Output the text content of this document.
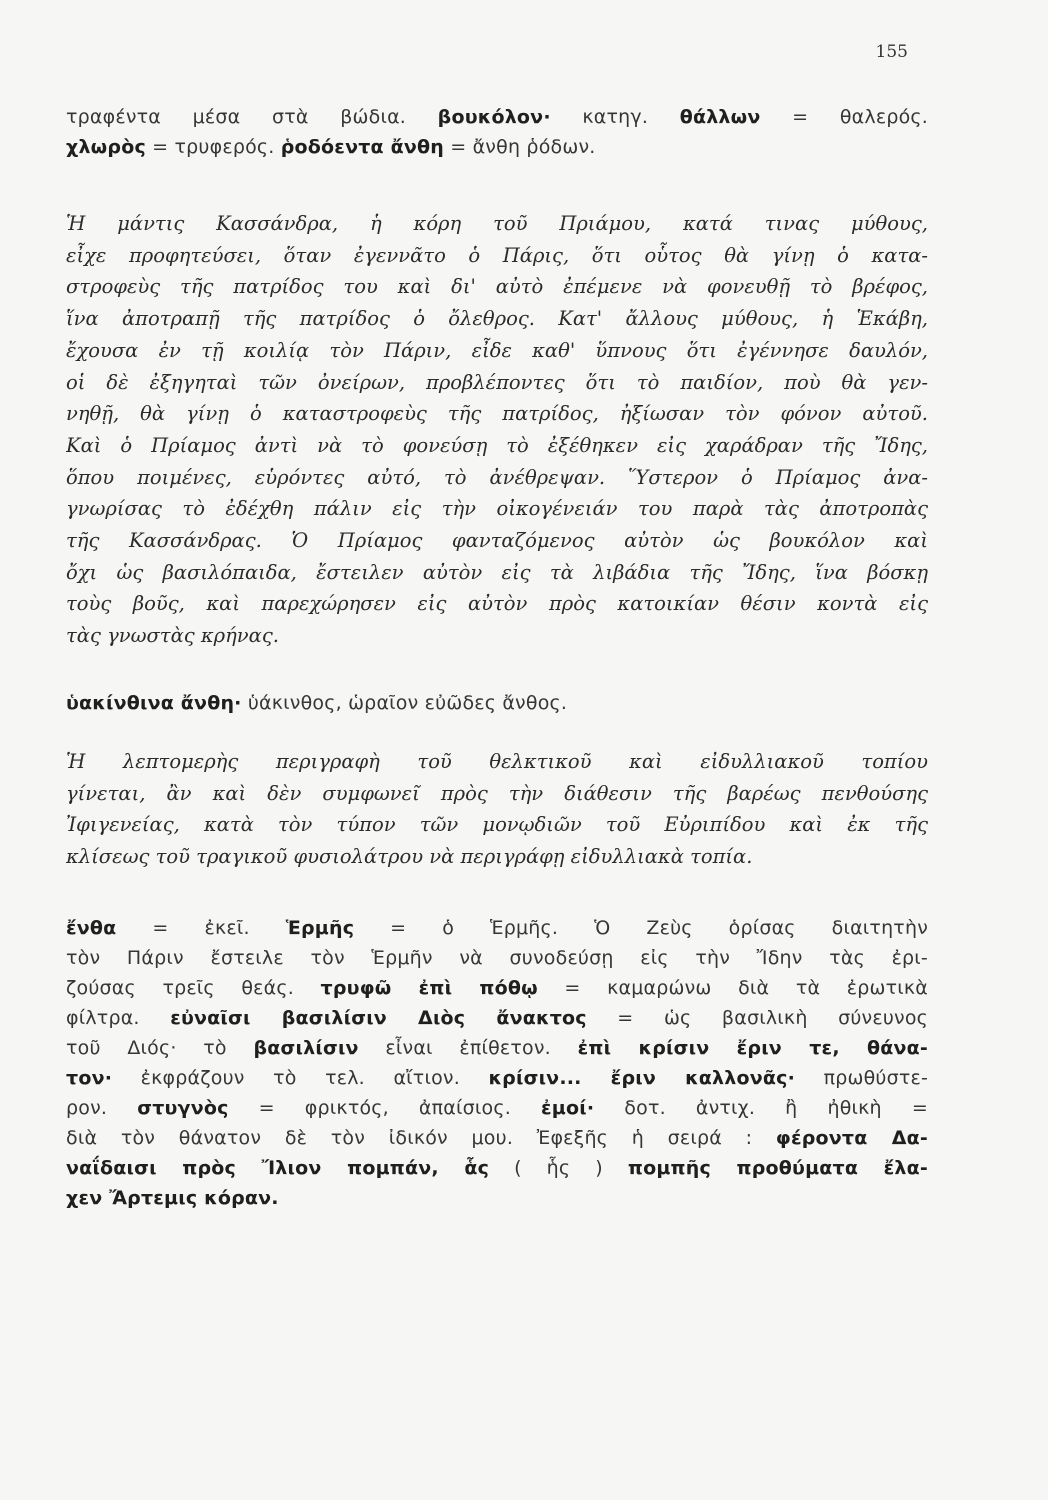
155
τραφέντα μέσα στὰ βώδια. βουκόλον· κατηγ. θάλλων = θαλερός.
χλωρὸς = τρυφερός. ῥοδόεντα ἄνθη = ἄνθη ῥόδων.
Ἡ μάντις Κασσάνδρα, ἡ κόρη τοῦ Πριάμου, κατά τινας μύθους,
εἶχε προφητεύσει, ὅταν ἐγεννᾶτο ὁ Πάρις, ὅτι οὗτος θὰ γίνῃ ὁ κατα-
στροφεὺς τῆς πατρίδος του καὶ δι' αὐτὸ ἐπέμενε νὰ φονευθῇ τὸ βρέφος,
ἵνα ἀποτραπῇ τῆς πατρίδος ὁ ὄλεθρος. Κατ' ἄλλους μύθους, ἡ Ἑκάβη,
ἔχουσα ἐν τῇ κοιλίᾳ τὸν Πάριν, εἶδε καθ' ὕπνους ὅτι ἐγέννησε δαυλόν,
οἱ δὲ ἐξηγηταὶ τῶν ὀνείρων, προβλέποντες ὅτι τὸ παιδίον, ποὺ θὰ γεν-
νηθῇ, θὰ γίνῃ ὁ καταστροφεὺς τῆς πατρίδος, ἠξίωσαν τὸν φόνον αὐτοῦ.
Καὶ ὁ Πρίαμος ἀντὶ νὰ τὸ φονεύσῃ τὸ ἐξέθηκεν εἰς χαράδραν τῆς Ἴδης,
ὅπου ποιμένες, εὑρόντες αὐτό, τὸ ἀνέθρεψαν. Ὕστερον ὁ Πρίαμος ἀνα-
γνωρίσας τὸ ἐδέχθη πάλιν εἰς τὴν οἰκογένειάν του παρὰ τὰς ἀποτροπὰς
τῆς Κασσάνδρας. Ὁ Πρίαμος φανταζόμενος αὐτὸν ὡς βουκόλον καὶ
ὄχι ὡς βασιλόπαιδα, ἔστειλεν αὐτὸν εἰς τὰ λιβάδια τῆς Ἴδης, ἵνα βόσκῃ
τοὺς βοῦς, καὶ παρεχώρησεν εἰς αὐτὸν πρὸς κατοικίαν θέσιν κοντὰ εἰς
τὰς γνωστὰς κρήνας.
ὑακίνθινα ἄνθη· ὑάκινθος, ὡραῖον εὐῶδες ἄνθος.
Ἡ λεπτομερὴς περιγραφὴ τοῦ θελκτικοῦ καὶ εἰδυλλιακοῦ τοπίου
γίνεται, ἂν καὶ δὲν συμφωνεῖ πρὸς τὴν διάθεσιν τῆς βαρέως πενθούσης
Ἰφιγενείας, κατὰ τὸν τύπον τῶν μονῳδιῶν τοῦ Εὐριπίδου καὶ ἐκ τῆς
κλίσεως τοῦ τραγικοῦ φυσιολάτρου νὰ περιγράφῃ εἰδυλλιακὰ τοπία.
ἔνθα = ἐκεῖ. Ἑρμῆς = ὁ Ἑρμῆς. Ὁ Ζεὺς ὁρίσας διαιτητὴν
τὸν Πάριν ἔστειλε τὸν Ἑρμῆν νὰ συνοδεύσῃ εἰς τὴν Ἴδην τὰς ἐρι-
ζούσας τρεῖς θεάς. τρυφῶ ἐπὶ πόθῳ = καμαρώνω διὰ τὰ ἐρωτικὰ
φίλτρα. εὐναῖσι βασιλίσιν Διὸς ἄνακτος = ὡς βασιλικὴ σύνευνος
τοῦ Διός· τὸ βασιλίσιν εἶναι ἐπίθετον. ἐπὶ κρίσιν ἔριν τε, θάνα-
τον· ἐκφράζουν τὸ τελ. αἴτιον. κρίσιν... ἔριν καλλονᾶς· πρωθύστε-
ρον. στυγνὸς = φρικτός, ἀπαίσιος. ἐμοί· δοτ. ἀντιχ. ἢ ἠθικὴ =
διὰ τὸν θάνατον δὲ τὸν ἰδικόν μου. Ἐφεξῆς ἡ σειρά : φέροντα Δα-
ναΐδαισι πρὸς Ἴλιον πομπάν, ἇς ( ἧς ) πομπῆς προθύματα ἔλα-
χεν Ἄρτεμις κόραν.
